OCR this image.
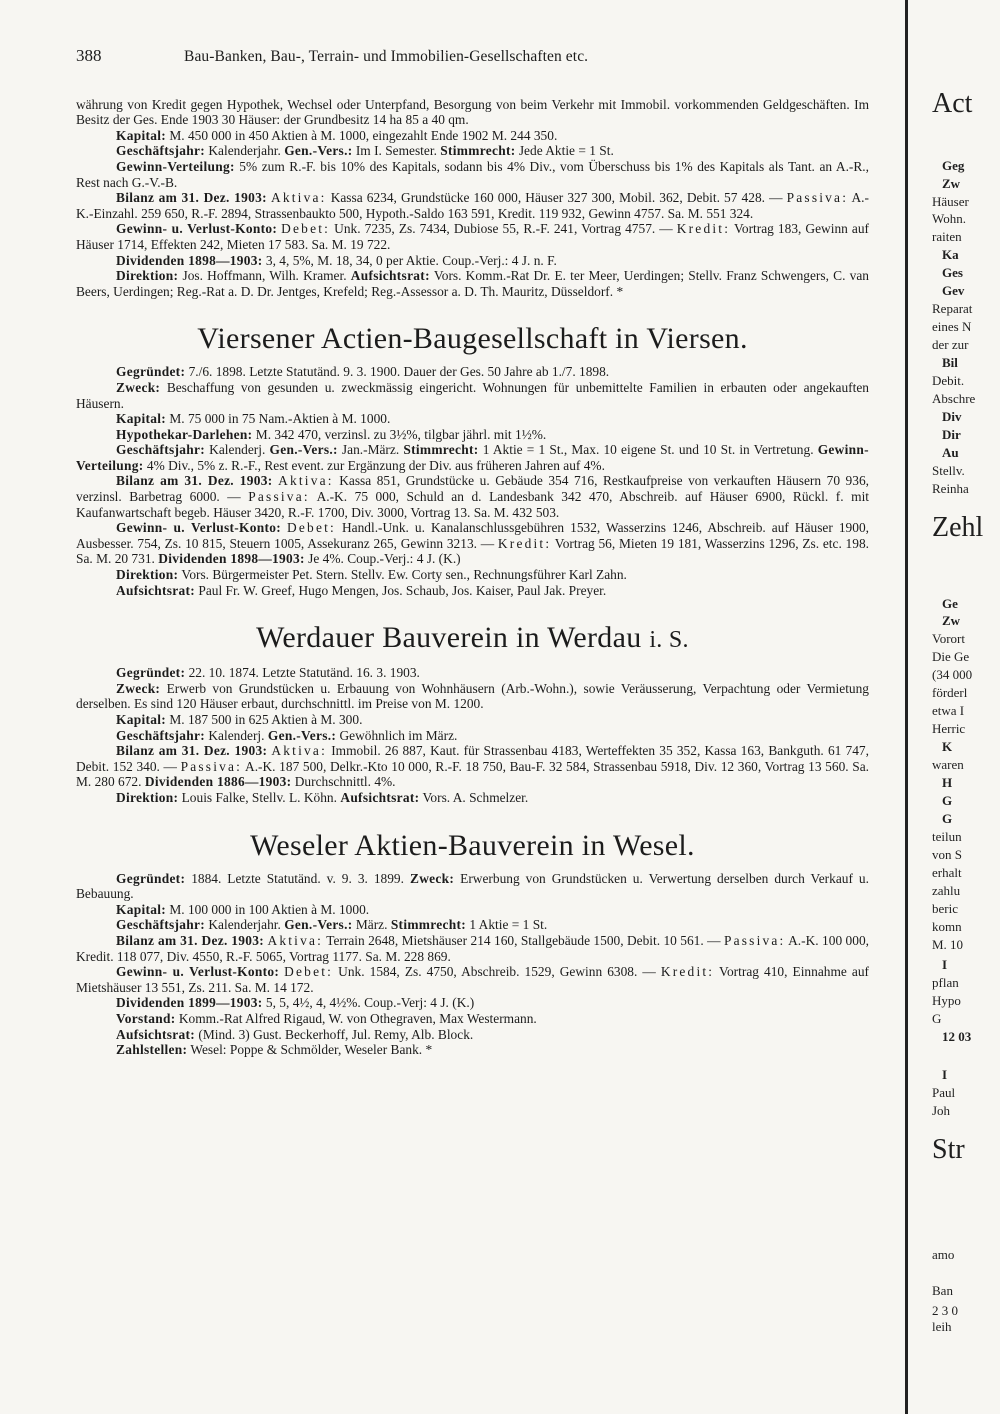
388	Bau-Banken, Bau-, Terrain- und Immobilien-Gesellschaften etc.

währung von Kredit gegen Hypothek, Wechsel oder Unterpfand, Besorgung von beim Verkehr mit Immobil. vorkommenden Geldgeschäften. Im Besitz der Ges. Ende 1903 30 Häuser: der Grundbesitz 14 ha 85 a 40 qm.

Kapital: M. 450 000 in 450 Aktien à M. 1000, eingezahlt Ende 1902 M. 244 350.

Geschäftsjahr: Kalenderjahr. Gen.-Vers.: Im I. Semester. Stimmrecht: Jede Aktie = 1 St.

Gewinn-Verteilung: 5% zum R.-F. bis 10% des Kapitals, sodann bis 4% Div., vom Überschuss bis 1% des Kapitals als Tant. an A.-R., Rest nach G.-V.-B.

Bilanz am 31. Dez. 1903: Aktiva: Kassa 6234, Grundstücke 160 000, Häuser 327 300, Mobil. 362, Debit. 57 428. — Passiva: A.-K.-Einzahl. 259 650, R.-F. 2894, Strassenbaukto 500, Hypoth.-Saldo 163 591, Kredit. 119 932, Gewinn 4757. Sa. M. 551 324.

Gewinn- u. Verlust-Konto: Debet: Unk. 7235, Zs. 7434, Dubiose 55, R.-F. 241, Vortrag 4757. — Kredit: Vortrag 183, Gewinn auf Häuser 1714, Effekten 242, Mieten 17 583. Sa. M. 19 722.

Dividenden 1898—1903: 3, 4, 5%, M. 18, 34, 0 per Aktie. Coup.-Verj.: 4 J. n. F.

Direktion: Jos. Hoffmann, Wilh. Kramer. Aufsichtsrat: Vors. Komm.-Rat Dr. E. ter Meer, Uerdingen; Stellv. Franz Schwengers, C. van Beers, Uerdingen; Reg.-Rat a. D. Dr. Jentges, Krefeld; Reg.-Assessor a. D. Th. Mauritz, Düsseldorf. *

Viersener Actien-Baugesellschaft in Viersen.

Gegründet: 7./6. 1898. Letzte Statutänd. 9. 3. 1900. Dauer der Ges. 50 Jahre ab 1./7. 1898.

Zweck: Beschaffung von gesunden u. zweckmässig eingericht. Wohnungen für unbemittelte Familien in erbauten oder angekauften Häusern.

Kapital: M. 75 000 in 75 Nam.-Aktien à M. 1000.

Hypothekar-Darlehen: M. 342 470, verzinsl. zu 3½%, tilgbar jährl. mit 1½%.

Geschäftsjahr: Kalenderj. Gen.-Vers.: Jan.-März. Stimmrecht: 1 Aktie = 1 St., Max. 10 eigene St. und 10 St. in Vertretung. Gewinn-Verteilung: 4% Div., 5% z. R.-F., Rest event. zur Ergänzung der Div. aus früheren Jahren auf 4%.

Bilanz am 31. Dez. 1903: Aktiva: Kassa 851, Grundstücke u. Gebäude 354 716, Restkaufpreise von verkauften Häusern 70 936, verzinsl. Barbetrag 6000. — Passiva: A.-K. 75 000, Schuld an d. Landesbank 342 470, Abschreib. auf Häuser 6900, Rückl. f. mit Kaufanwartschaft begeb. Häuser 3420, R.-F. 1700, Div. 3000, Vortrag 13. Sa. M. 432 503.

Gewinn- u. Verlust-Konto: Debet: Handl.-Unk. u. Kanalanschlussgebühren 1532, Wasserzins 1246, Abschreib. auf Häuser 1900, Ausbesser. 754, Zs. 10 815, Steuern 1005, Assekuranz 265, Gewinn 3213. — Kredit: Vortrag 56, Mieten 19 181, Wasserzins 1296, Zs. etc. 198. Sa. M. 20 731. Dividenden 1898—1903: Je 4%. Coup.-Verj.: 4 J. (K.)

Direktion: Vors. Bürgermeister Pet. Stern. Stellv. Ew. Corty sen., Rechnungsführer Karl Zahn.

Aufsichtsrat: Paul Fr. W. Greef, Hugo Mengen, Jos. Schaub, Jos. Kaiser, Paul Jak. Preyer.

Werdauer Bauverein in Werdau i. S.

Gegründet: 22. 10. 1874. Letzte Statutänd. 16. 3. 1903.

Zweck: Erwerb von Grundstücken u. Erbauung von Wohnhäusern (Arb.-Wohn.), sowie Veräusserung, Verpachtung oder Vermietung derselben. Es sind 120 Häuser erbaut, durchschnittl. im Preise von M. 1200.

Kapital: M. 187 500 in 625 Aktien à M. 300.

Geschäftsjahr: Kalenderj. Gen.-Vers.: Gewöhnlich im März.

Bilanz am 31. Dez. 1903: Aktiva: Immobil. 26 887, Kaut. für Strassenbau 4183, Werteffekten 35 352, Kassa 163, Bankguth. 61 747, Debit. 152 340. — Passiva: A.-K. 187 500, Delkr.-Kto 10 000, R.-F. 18 750, Bau-F. 32 584, Strassenbau 5918, Div. 12 360, Vortrag 13 560. Sa. M. 280 672. Dividenden 1886—1903: Durchschnittl. 4%.

Direktion: Louis Falke, Stellv. L. Köhn. Aufsichtsrat: Vors. A. Schmelzer.

Weseler Aktien-Bauverein in Wesel.

Gegründet: 1884. Letzte Statutänd. v. 9. 3. 1899. Zweck: Erwerbung von Grundstücken u. Verwertung derselben durch Verkauf u. Bebauung.

Kapital: M. 100 000 in 100 Aktien à M. 1000.

Geschäftsjahr: Kalenderjahr. Gen.-Vers.: März. Stimmrecht: 1 Aktie = 1 St.

Bilanz am 31. Dez. 1903: Aktiva: Terrain 2648, Mietshäuser 214 160, Stallgebäude 1500, Debit. 10 561. — Passiva: A.-K. 100 000, Kredit. 118 077, Div. 4550, R.-F. 5065, Vortrag 1177. Sa. M. 228 869.

Gewinn- u. Verlust-Konto: Debet: Unk. 1584, Zs. 4750, Abschreib. 1529, Gewinn 6308. — Kredit: Vortrag 410, Einnahme auf Mietshäuser 13 551, Zs. 211. Sa. M. 14 172.

Dividenden 1899—1903: 5, 5, 4½, 4, 4½%. Coup.-Verj: 4 J. (K.)

Vorstand: Komm.-Rat Alfred Rigaud, W. von Othegraven, Max Westermann.

Aufsichtsrat: (Mind. 3) Gust. Beckerhoff, Jul. Remy, Alb. Block.

Zahlstellen: Wesel: Poppe & Schmölder, Weseler Bank. *

Act
Geg
Zw
Häuser
Wohn.
raiten
Ka
Ges
Gev
Reparat
eines N
der zur
Bil
Debit.
Abschre
Div
Dir
Au
Stellv.
Reinha
Zehl
Ge
Zw
Vorort
Die Ge
(34 000
förderl
etwa I
Herric
K
waren
H
G
G
teilun
von S
erhalt
zahlu
beric
komn
M. 10
I
pflan
Hypo
G
12 03
I
Paul
Joh
Str
amo
Ban
2 3 0
leih
